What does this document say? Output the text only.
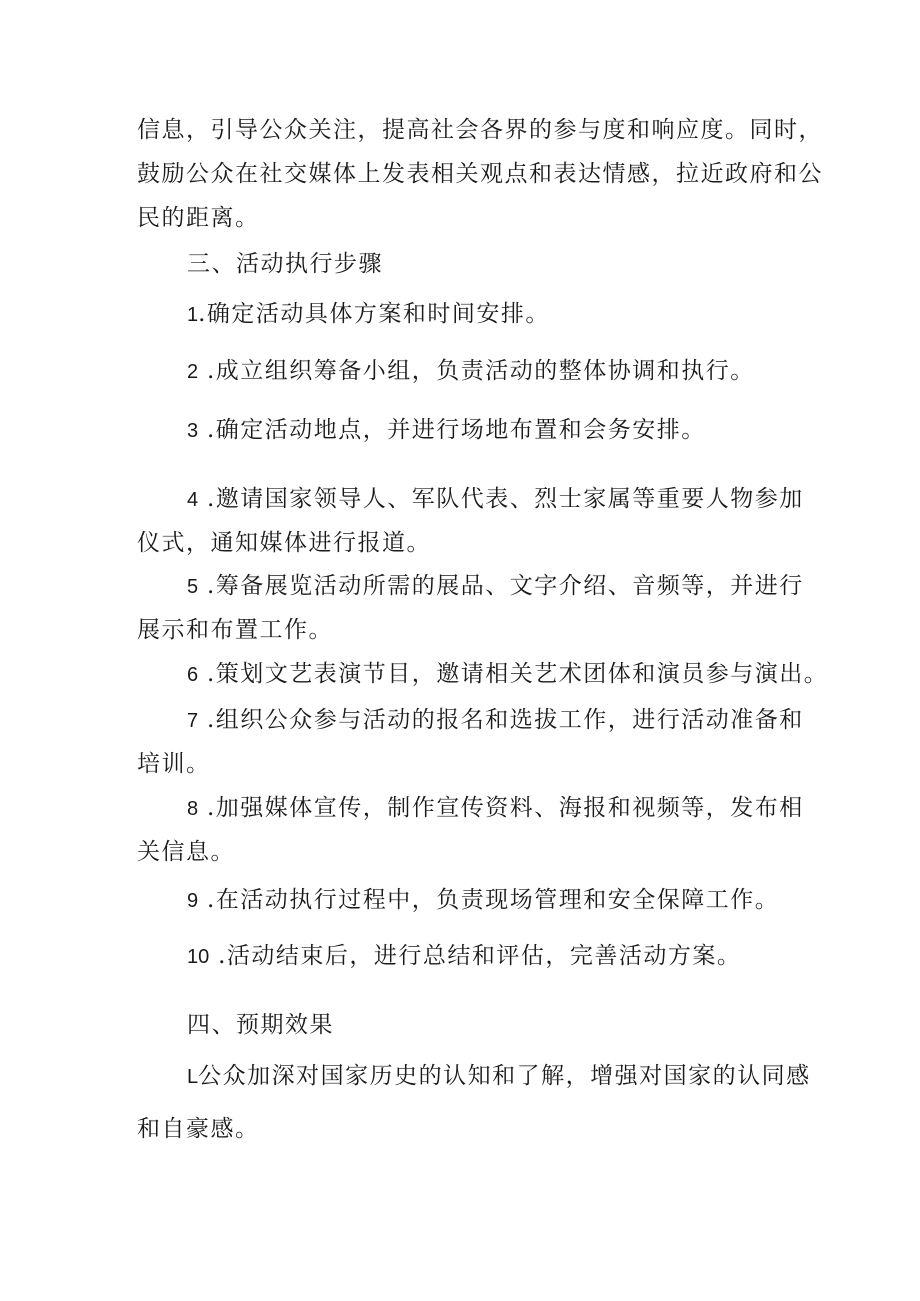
信息，引导公众关注，提高社会各界的参与度和响应度。同时，
鼓励公众在社交媒体上发表相关观点和表达情感，拉近政府和公
民的距离。
三、活动执行步骤
1.确定活动具体方案和时间安排。
2 .成立组织筹备小组，负责活动的整体协调和执行。
3 .确定活动地点，并进行场地布置和会务安排。
4 .邀请国家领导人、军队代表、烈士家属等重要人物参加
仪式，通知媒体进行报道。
5 .筹备展览活动所需的展品、文字介绍、音频等，并进行
展示和布置工作。
6 .策划文艺表演节目，邀请相关艺术团体和演员参与演出。
7 .组织公众参与活动的报名和选拔工作，进行活动准备和
培训。
8 .加强媒体宣传，制作宣传资料、海报和视频等，发布相
关信息。
9 .在活动执行过程中，负责现场管理和安全保障工作。
10 .活动结束后，进行总结和评估，完善活动方案。
四、预期效果
L公众加深对国家历史的认知和了解，增强对国家的认同感
和自豪感。
